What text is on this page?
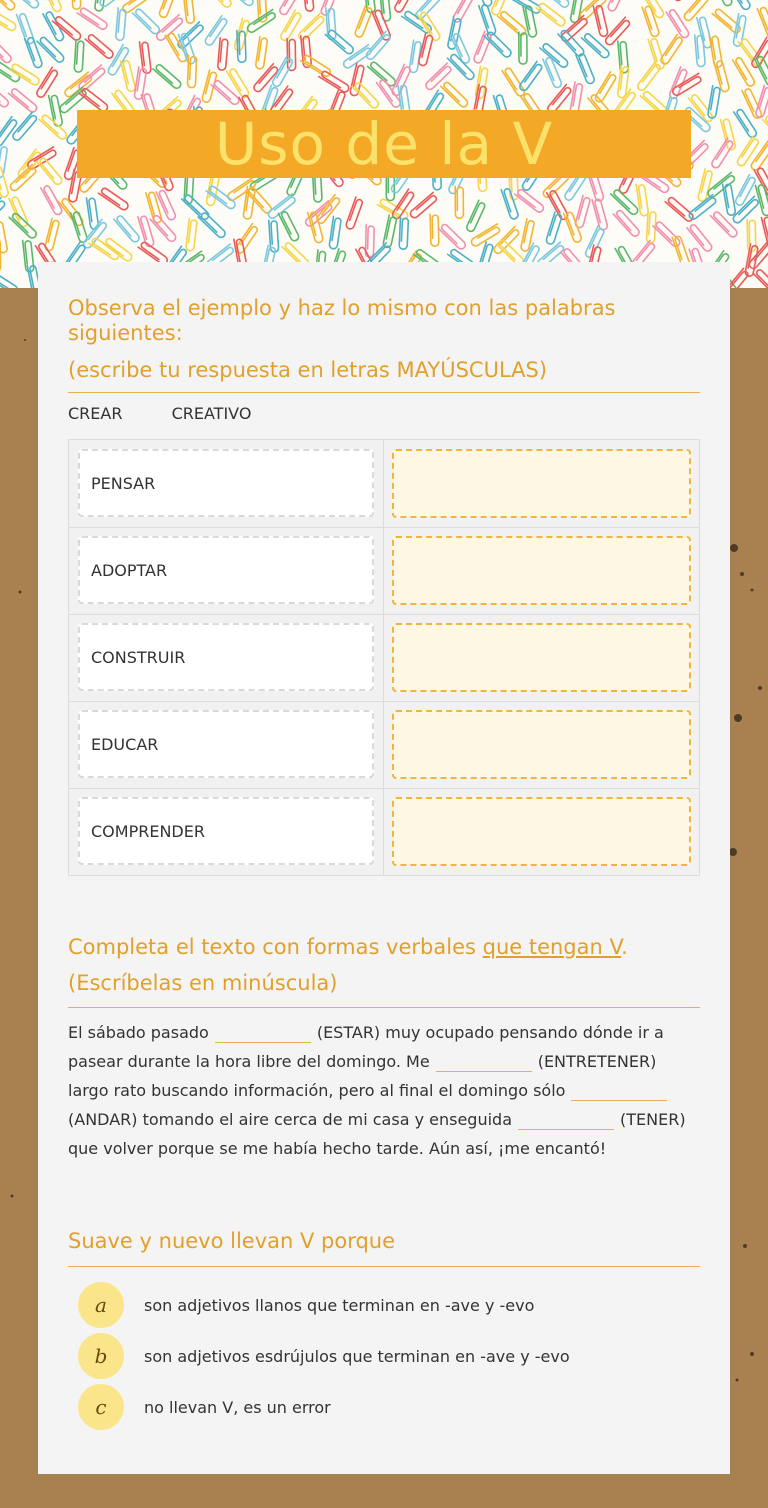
Uso de la V
Observa el ejemplo y haz lo mismo con las palabras siguientes:
(escribe tu respuesta en letras MAYÚSCULAS)
CREAR	CREATIVO
PENSAR
ADOPTAR
CONSTRUIR
EDUCAR
COMPRENDER
Completa el texto con formas verbales que tengan V.
(Escríbelas en minúscula)
El sábado pasado	(ESTAR) muy ocupado pensando dónde ir a pasear durante la hora libre del domingo. Me	(ENTRETENER) largo rato buscando información, pero al final el domingo sólo(ANDAR) tomando el aire cerca de mi casa y enseguida	(TENER) que volver porque se me había hecho tarde. Aún así, ¡me encantó!
Suave y nuevo llevan V porque
a	son adjetivos llanos que terminan en -ave y -evo
b	son adjetivos esdrújulos que terminan en -ave y -evo
c	no llevan V, es un error
